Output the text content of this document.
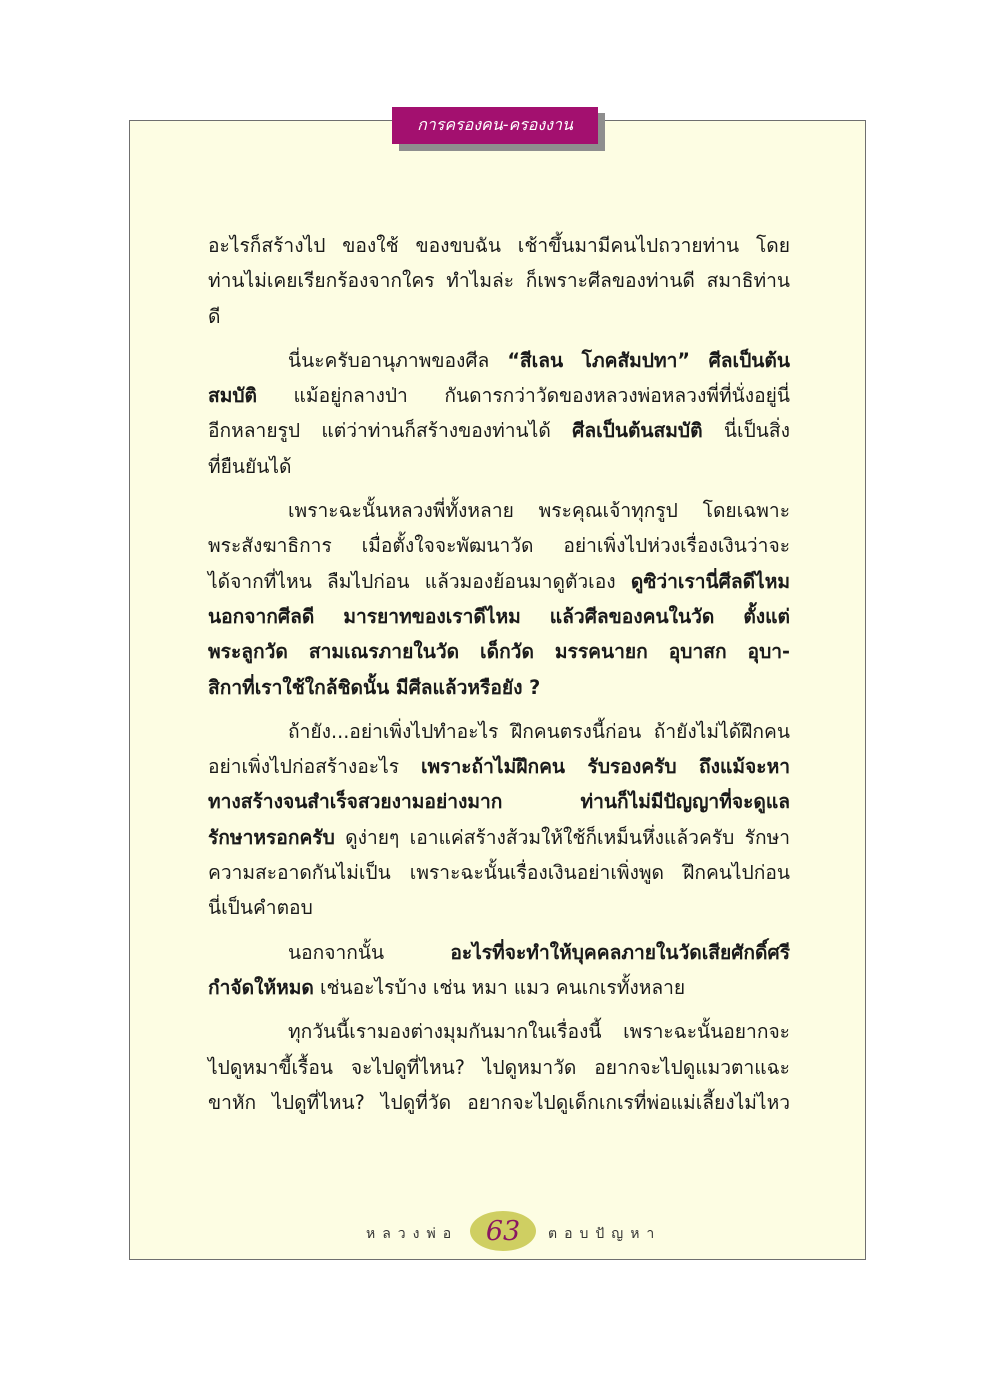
การครองคน-ครองงาน
อะไรก็สร้างไป ของใช้ ของขบฉัน เช้าขึ้นมามีคนไปถวายท่าน โดย
ท่านไม่เคยเรียกร้องจากใคร ทำไมล่ะ ก็เพราะศีลของท่านดี สมาธิท่าน
ดี
นี่นะครับอานุภาพของศีล “สีเลน โภคสัมปทา” ศีลเป็นต้น
สมบัติ แม้อยู่กลางป่า กันดารกว่าวัดของหลวงพ่อหลวงพี่ที่นั่งอยู่นี่
อีกหลายรูป แต่ว่าท่านก็สร้างของท่านได้ ศีลเป็นต้นสมบัติ นี่เป็นสิ่ง
ที่ยืนยันได้
เพราะฉะนั้นหลวงพี่ทั้งหลาย พระคุณเจ้าทุกรูป โดยเฉพาะ
พระสังฆาธิการ เมื่อตั้งใจจะพัฒนาวัด อย่าเพิ่งไปห่วงเรื่องเงินว่าจะ
ได้จากที่ไหน ลืมไปก่อน แล้วมองย้อนมาดูตัวเอง ดูซิว่าเรานี่ศีลดีไหม
นอกจากศีลดี มารยาทของเราดีไหม แล้วศีลของคนในวัด ตั้งแต่
พระลูกวัด สามเณรภายในวัด เด็กวัด มรรคนายก อุบาสก อุบา-
สิกาที่เราใช้ใกล้ชิดนั้น มีศีลแล้วหรือยัง ?
ถ้ายัง...อย่าเพิ่งไปทำอะไร ฝึกคนตรงนี้ก่อน ถ้ายังไม่ได้ฝึกคน
อย่าเพิ่งไปก่อสร้างอะไร เพราะถ้าไม่ฝึกคน รับรองครับ ถึงแม้จะหา
ทางสร้างจนสำเร็จสวยงามอย่างมาก ท่านก็ไม่มีปัญญาที่จะดูแล
รักษาหรอกครับ ดูง่ายๆ เอาแค่สร้างส้วมให้ใช้ก็เหม็นหึ่งแล้วครับ รักษา
ความสะอาดกันไม่เป็น เพราะฉะนั้นเรื่องเงินอย่าเพิ่งพูด ฝึกคนไปก่อน
นี่เป็นคำตอบ
นอกจากนั้น อะไรที่จะทำให้บุคคลภายในวัดเสียศักดิ์ศรี
กำจัดให้หมด เช่นอะไรบ้าง เช่น หมา แมว คนเกเรทั้งหลาย
ทุกวันนี้เรามองต่างมุมกันมากในเรื่องนี้ เพราะฉะนั้นอยากจะ
ไปดูหมาขี้เรื้อน จะไปดูที่ไหน? ไปดูหมาวัด อยากจะไปดูแมวตาแฉะ
ขาหัก ไปดูที่ไหน? ไปดูที่วัด อยากจะไปดูเด็กเกเรที่พ่อแม่เลี้ยงไม่ไหว
หลวงพ่อ 63 ตอบปัญหา
